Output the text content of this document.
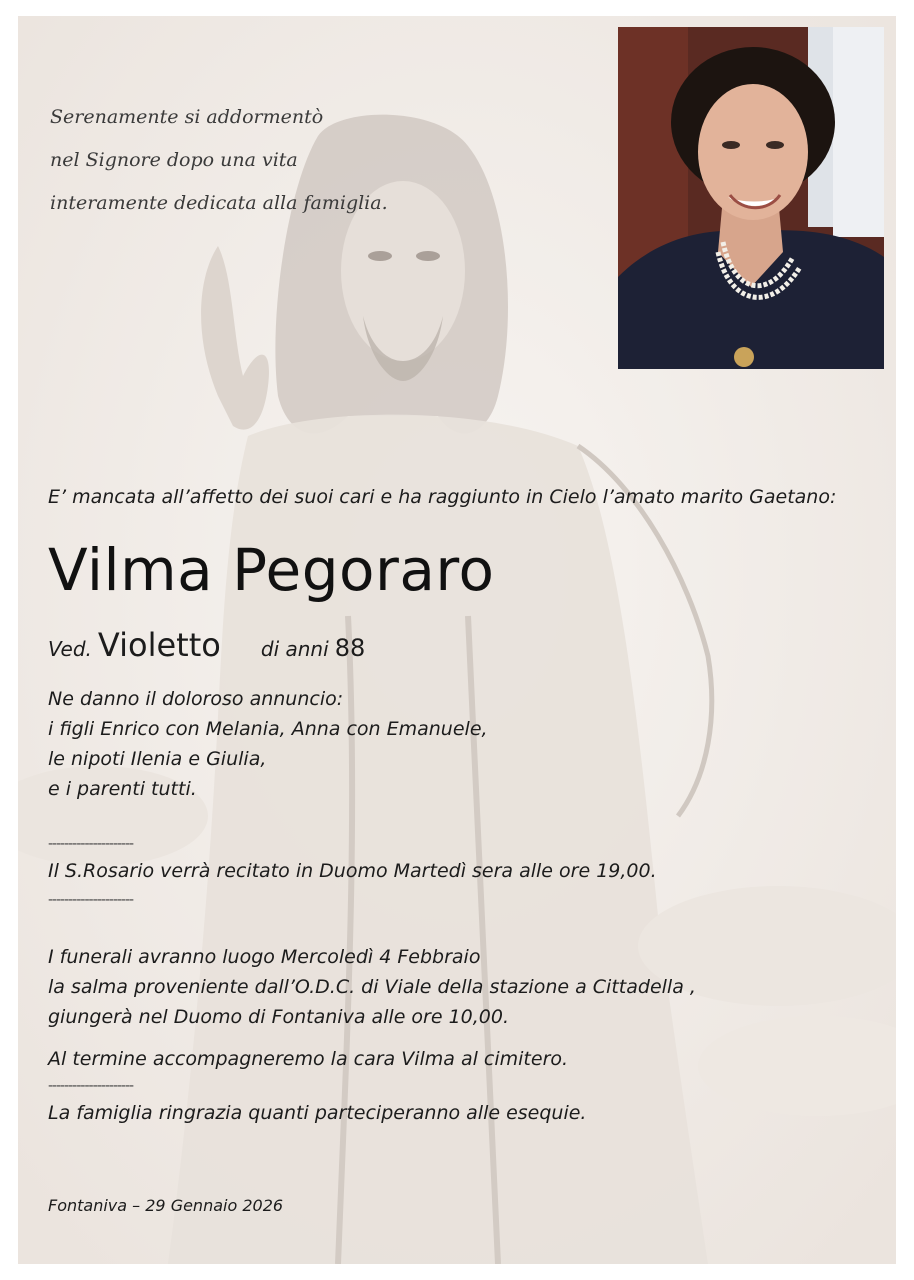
Serenamente si addormentò
nel Signore dopo una vita
interamente dedicata alla famiglia.
E’ mancata all’affetto dei suoi cari e ha raggiunto in Cielo l’amato marito Gaetano:
Vilma Pegoraro
Ved. Violetto di anni 88
Ne danno il doloroso annuncio:
i figli Enrico con Melania, Anna con Emanuele,
le nipoti Ilenia e Giulia,
e i parenti tutti.
---------------------
Il S.Rosario verrà recitato in Duomo Martedì sera alle ore 19,00.
---------------------
I funerali avranno luogo Mercoledì 4 Febbraio
la salma proveniente dall’O.D.C. di Viale della stazione a Cittadella ,
giungerà nel Duomo di Fontaniva alle ore 10,00.
Al termine accompagneremo la cara Vilma al cimitero.
---------------------
La famiglia ringrazia quanti parteciperanno alle esequie.
Fontaniva – 29 Gennaio 2026
